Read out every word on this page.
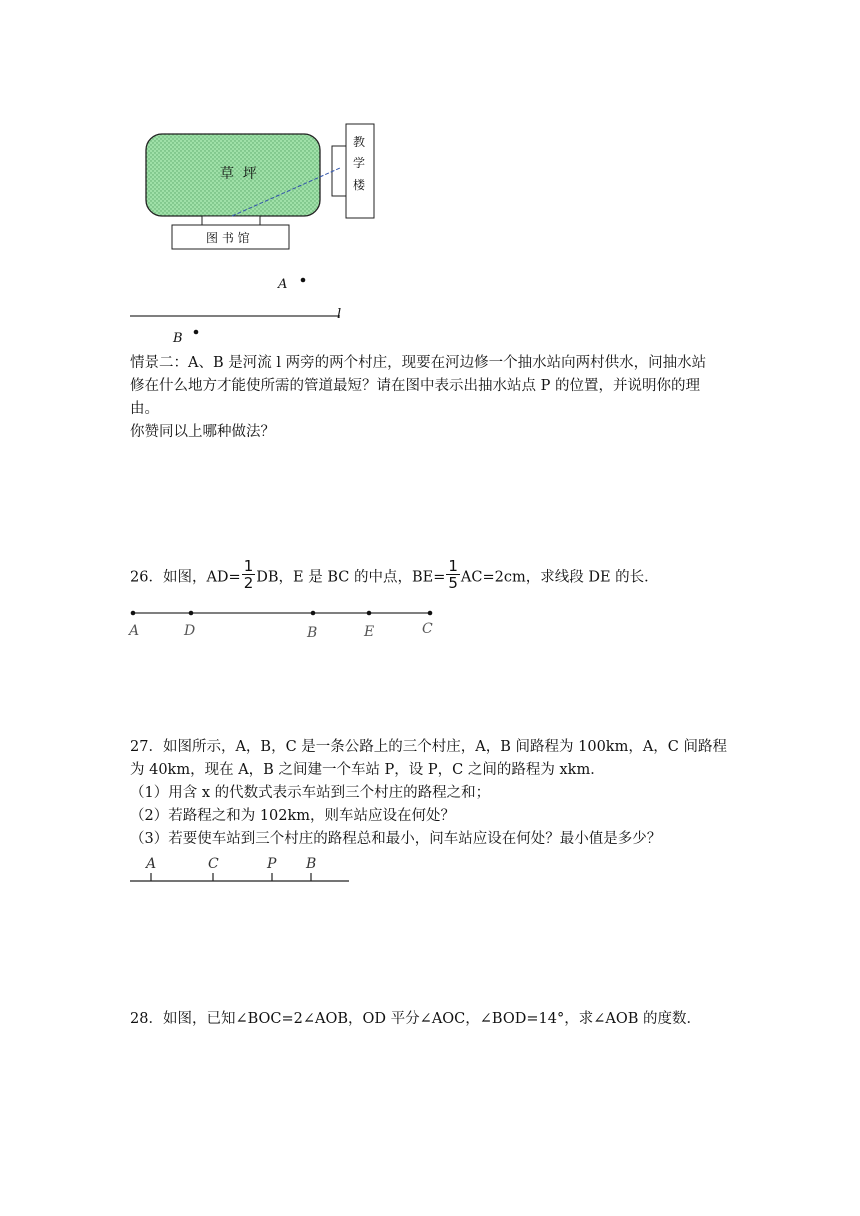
草  坪
教
学
楼
图 书 馆
A
l
B
情景二：A、B 是河流 l 两旁的两个村庄，现要在河边修一个抽水站向两村供水，问抽水站
修在什么地方才能使所需的管道最短？请在图中表示出抽水站点 P 的位置，并说明你的理
由。
你赞同以上哪种做法？
26．如图，$AD= \frac{1}{2}$ DB，E 是 BC 的中点，$BE= \frac{1}{5} AC=2cm$，求线段 DE 的长．
A	D	B	E	C
27．如图所示，A，B，C 是一条公路上的三个村庄，A，B 间路程为 100km，A，C 间路程
为 40km，现在 A，B 之间建一个车站 P，设 P，C 之间的路程为 xkm．
（1）用含 x 的代数式表示车站到三个村庄的路程之和；
（2）若路程之和为 102km，则车站应设在何处？
（3）若要使车站到三个村庄的路程总和最小，问车站应设在何处？最小值是多少？
A	C	P B
28．如图，已知∠BOC=2∠AOB，OD 平分∠AOC，∠BOD=14°，求∠AOB 的度数．
